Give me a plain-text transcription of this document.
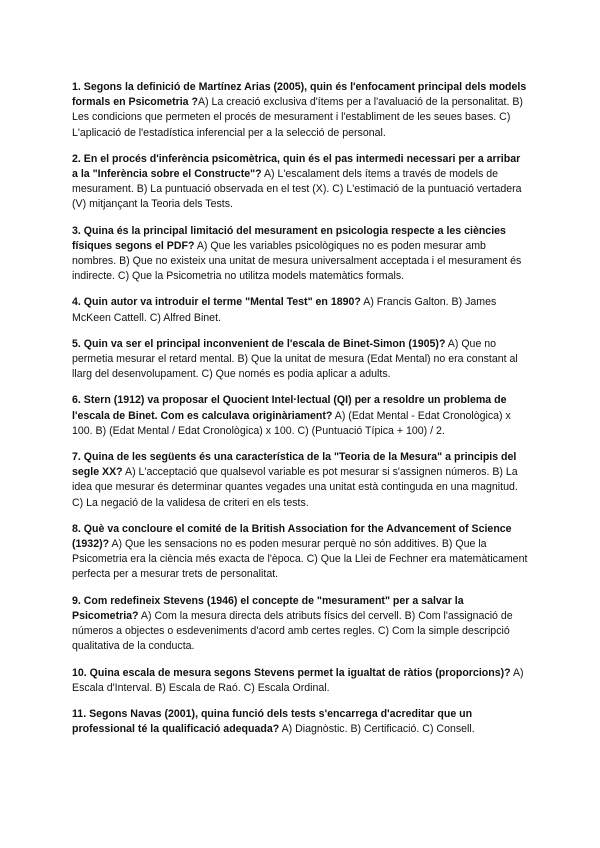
1. Segons la definició de Martínez Arias (2005), quin és l'enfocament principal dels models formals en Psicometria ?A) La creació exclusiva d'ítems per a l'avaluació de la personalitat. B) Les condicions que permeten el procés de mesurament i l'establiment de les seues bases. C) L'aplicació de l'estadística inferencial per a la selecció de personal.

2. En el procés d'inferència psicomètrica, quin és el pas intermedi necessari per a arribar a la "Inferència sobre el Constructe"? A) L'escalament dels ítems a través de models de mesurament. B) La puntuació observada en el test (X). C) L'estimació de la puntuació vertadera (V) mitjançant la Teoria dels Tests.

3. Quina és la principal limitació del mesurament en psicologia respecte a les ciències físiques segons el PDF? A) Que les variables psicològiques no es poden mesurar amb nombres. B) Que no existeix una unitat de mesura universalment acceptada i el mesurament és indirecte. C) Que la Psicometria no utilitza models matemàtics formals.

4. Quin autor va introduir el terme "Mental Test" en 1890? A) Francis Galton. B) James McKeen Cattell. C) Alfred Binet.

5. Quin va ser el principal inconvenient de l'escala de Binet-Simon (1905)? A) Que no permetia mesurar el retard mental. B) Que la unitat de mesura (Edat Mental) no era constant al llarg del desenvolupament. C) Que només es podia aplicar a adults.

6. Stern (1912) va proposar el Quocient Intel·lectual (QI) per a resoldre un problema de l'escala de Binet. Com es calculava originàriament? A) (Edat Mental - Edat Cronològica) x 100. B) (Edat Mental / Edat Cronològica) x 100. C) (Puntuació Típica + 100) / 2.

7. Quina de les següents és una característica de la "Teoria de la Mesura" a principis del segle XX? A) L'acceptació que qualsevol variable es pot mesurar si s'assignen números. B) La idea que mesurar és determinar quantes vegades una unitat està continguda en una magnitud. C) La negació de la validesa de criteri en els tests.

8. Què va concloure el comité de la British Association for the Advancement of Science (1932)? A) Que les sensacions no es poden mesurar perquè no són additives. B) Que la Psicometria era la ciència més exacta de l'època. C) Que la Llei de Fechner era matemàticament perfecta per a mesurar trets de personalitat.

9. Com redefineix Stevens (1946) el concepte de "mesurament" per a salvar la Psicometria? A) Com la mesura directa dels atributs físics del cervell. B) Com l'assignació de números a objectes o esdeveniments d'acord amb certes regles. C) Com la simple descripció qualitativa de la conducta.

10. Quina escala de mesura segons Stevens permet la igualtat de ràtios (proporcions)? A) Escala d'Interval. B) Escala de Raó. C) Escala Ordinal.

11. Segons Navas (2001), quina funció dels tests s'encarrega d'acreditar que un professional té la qualificació adequada? A) Diagnòstic. B) Certificació. C) Consell.
